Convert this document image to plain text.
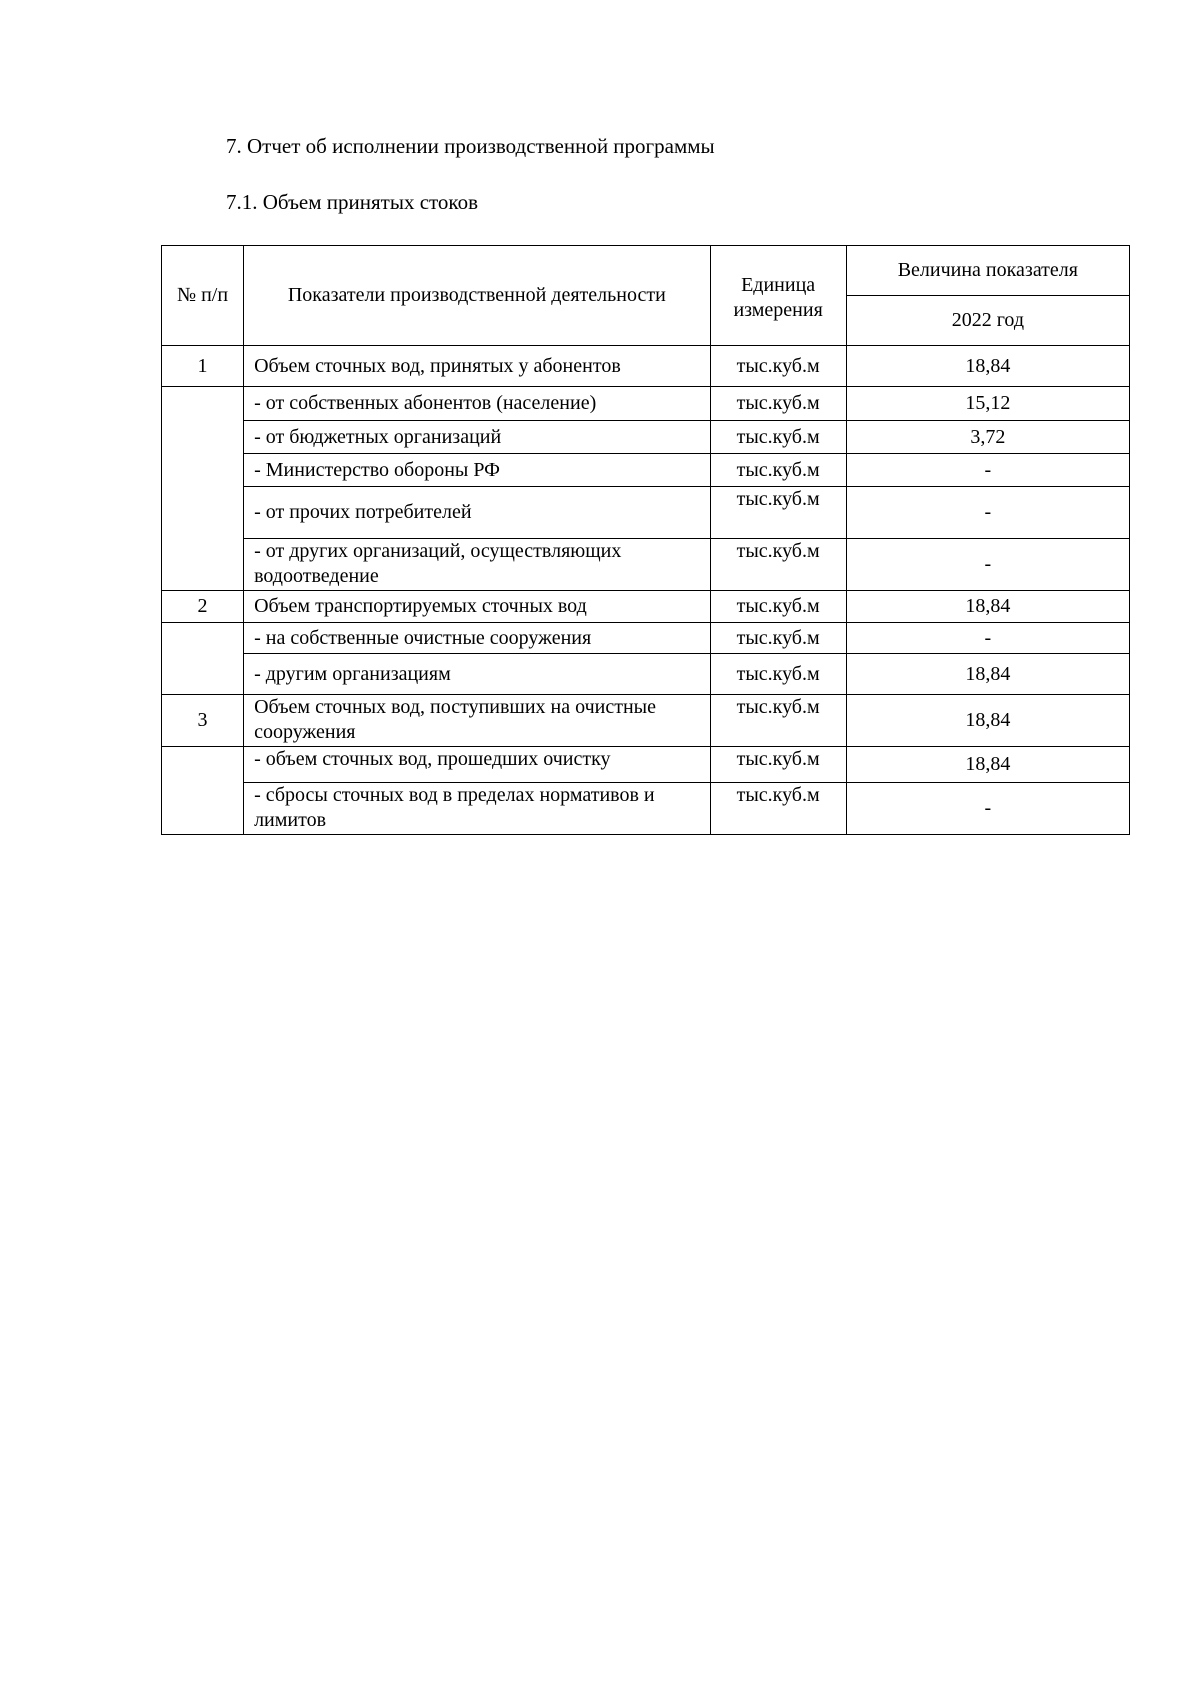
7. Отчет об исполнении производственной программы
7.1. Объем принятых стоков
№ п/п	Показатели производственной деятельности	Единица измерения	Величина показателя
			2022 год
1	Объем сточных вод, принятых у абонентов	тыс.куб.м	18,84
	- от собственных абонентов (население)	тыс.куб.м	15,12
	- от бюджетных организаций	тыс.куб.м	3,72
	- Министерство обороны РФ	тыс.куб.м	-
	- от прочих потребителей	тыс.куб.м	-
	- от других организаций, осуществляющих водоотведение	тыс.куб.м	-
2	Объем транспортируемых сточных вод	тыс.куб.м	18,84
	- на собственные очистные сооружения	тыс.куб.м	-
	- другим организациям	тыс.куб.м	18,84
3	Объем сточных вод, поступивших на очистные сооружения	тыс.куб.м	18,84
	- объем сточных вод, прошедших очистку	тыс.куб.м	18,84
	- сбросы сточных вод в пределах нормативов и лимитов	тыс.куб.м	-
